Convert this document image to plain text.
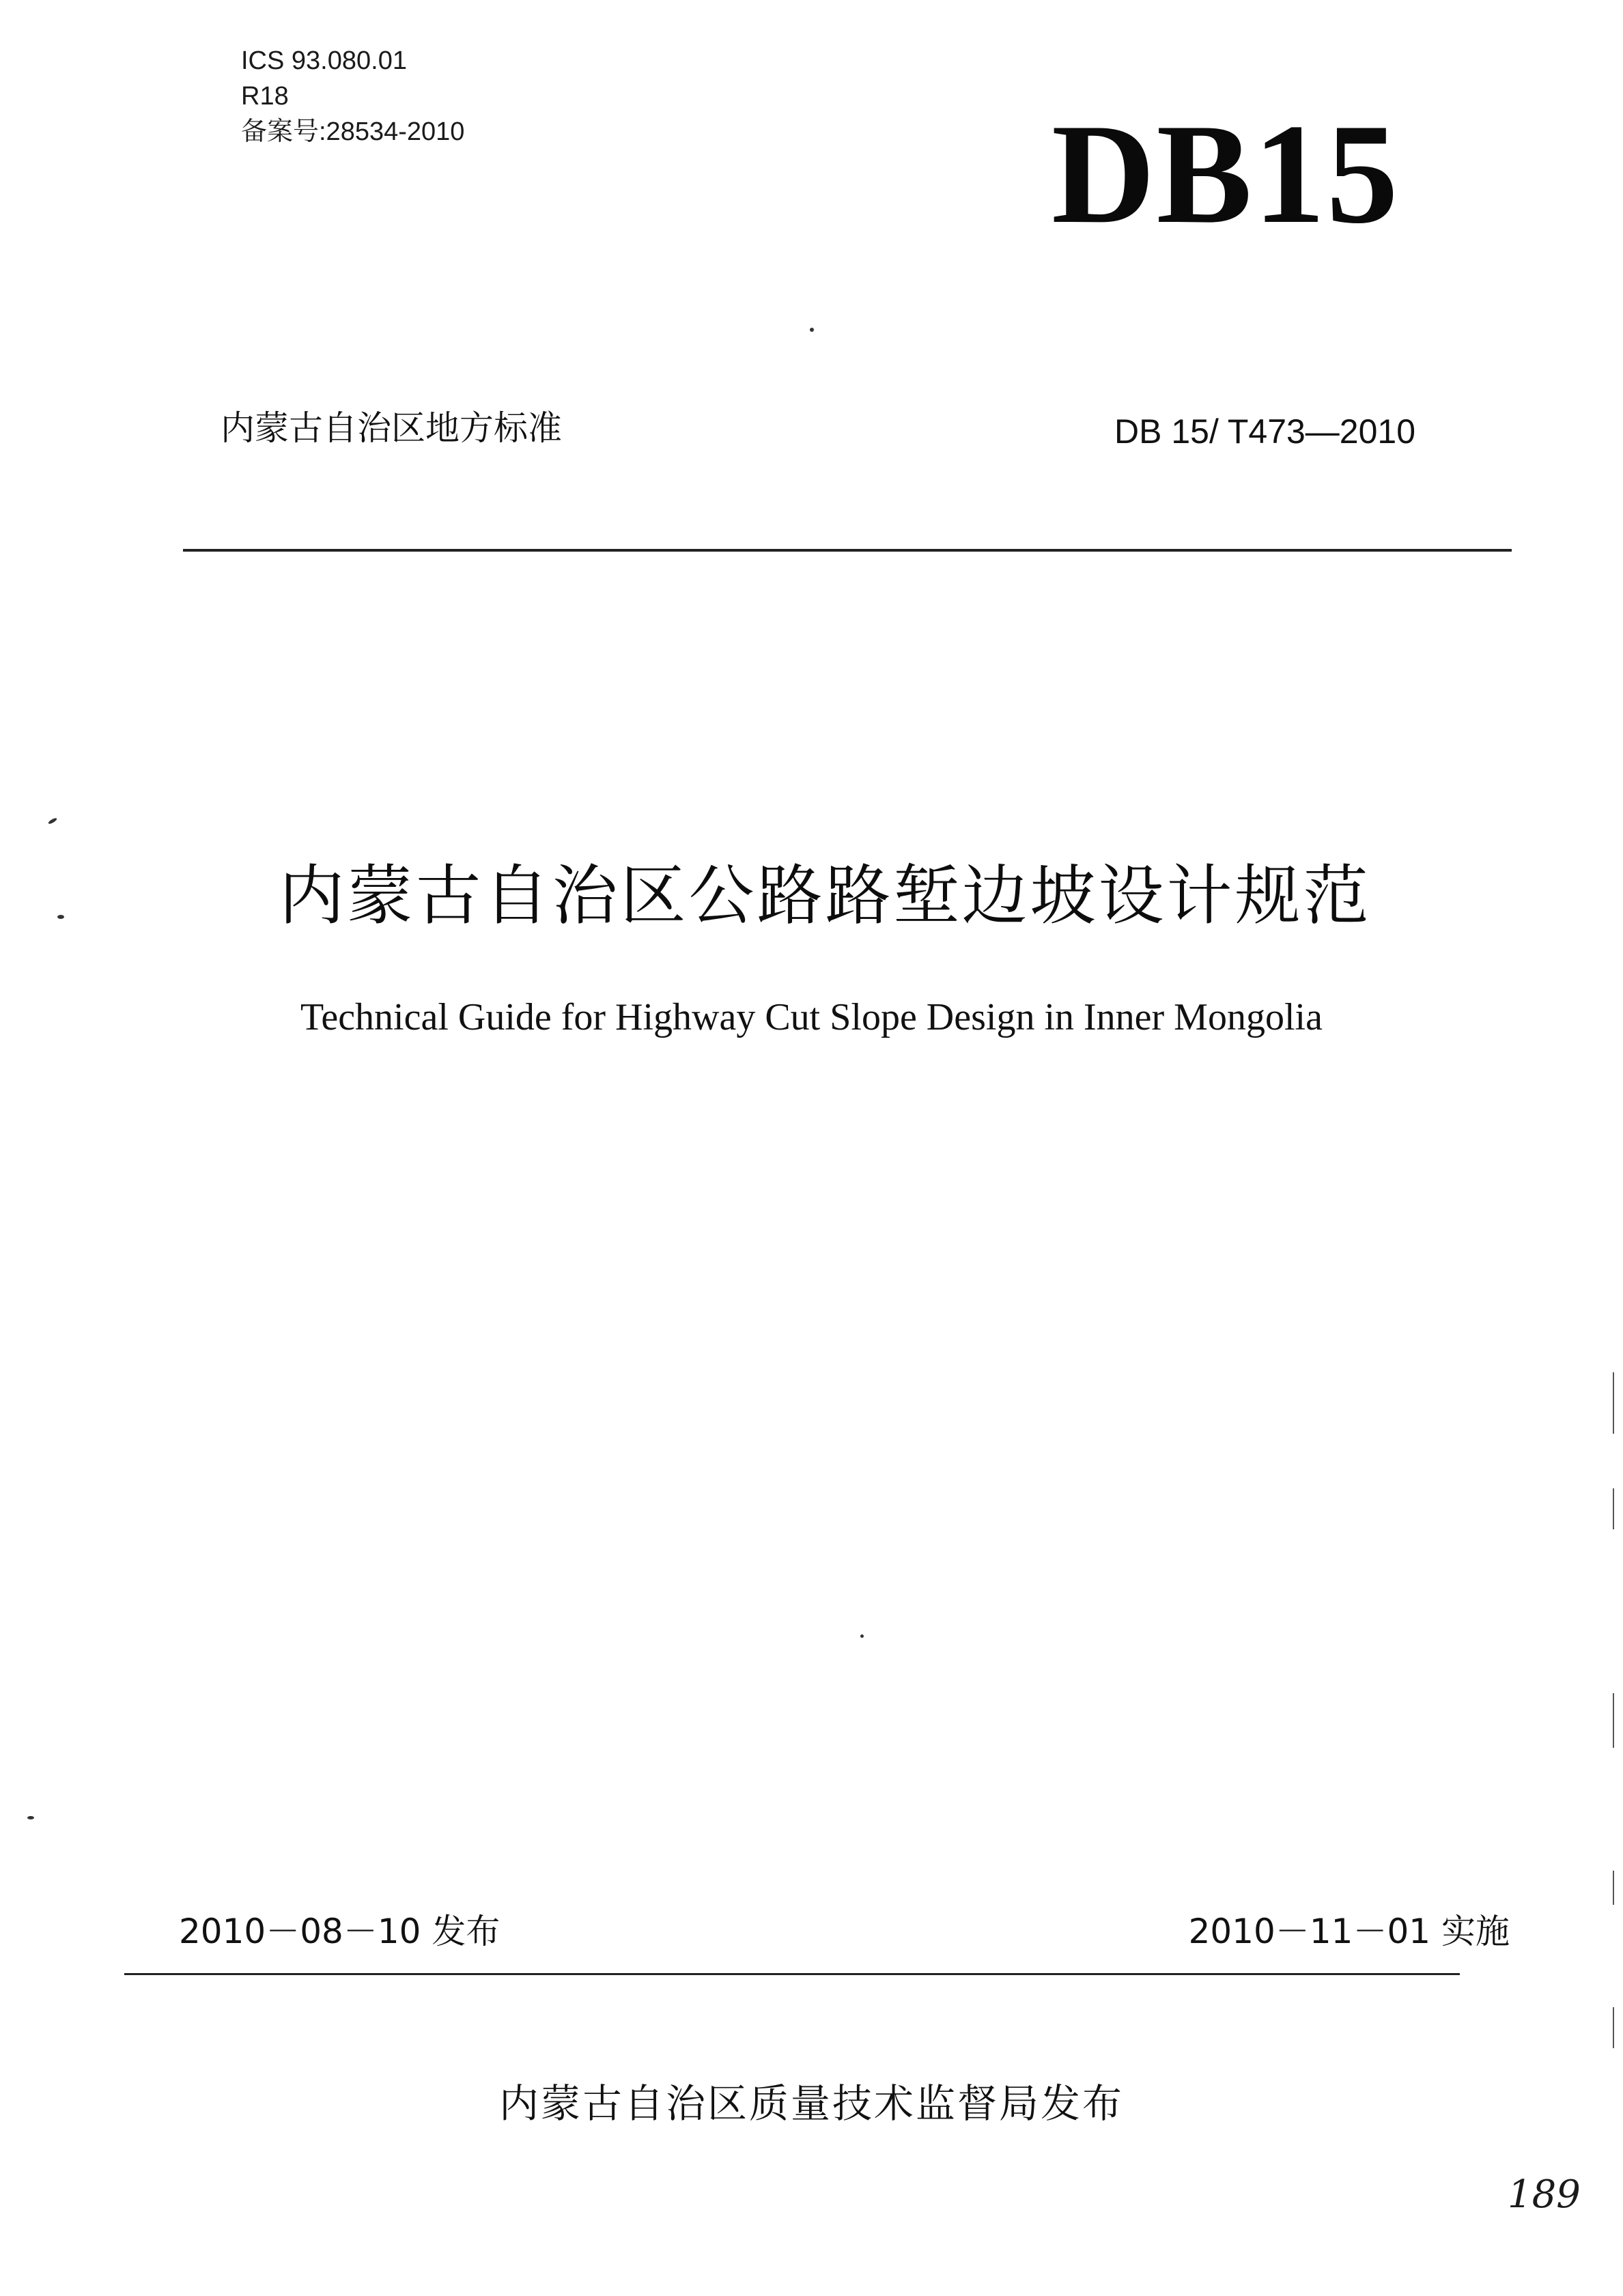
ICS 93.080.01
R18
备案号:28534-2010	DB15
内蒙古自治区地方标准	DB 15/ T473—2010
内蒙古自治区公路路堑边坡设计规范
Technical Guide for Highway Cut Slope Design in Inner Mongolia
2010－08－10 发布	2010－11－01 实施
内蒙古自治区质量技术监督局发布
189
